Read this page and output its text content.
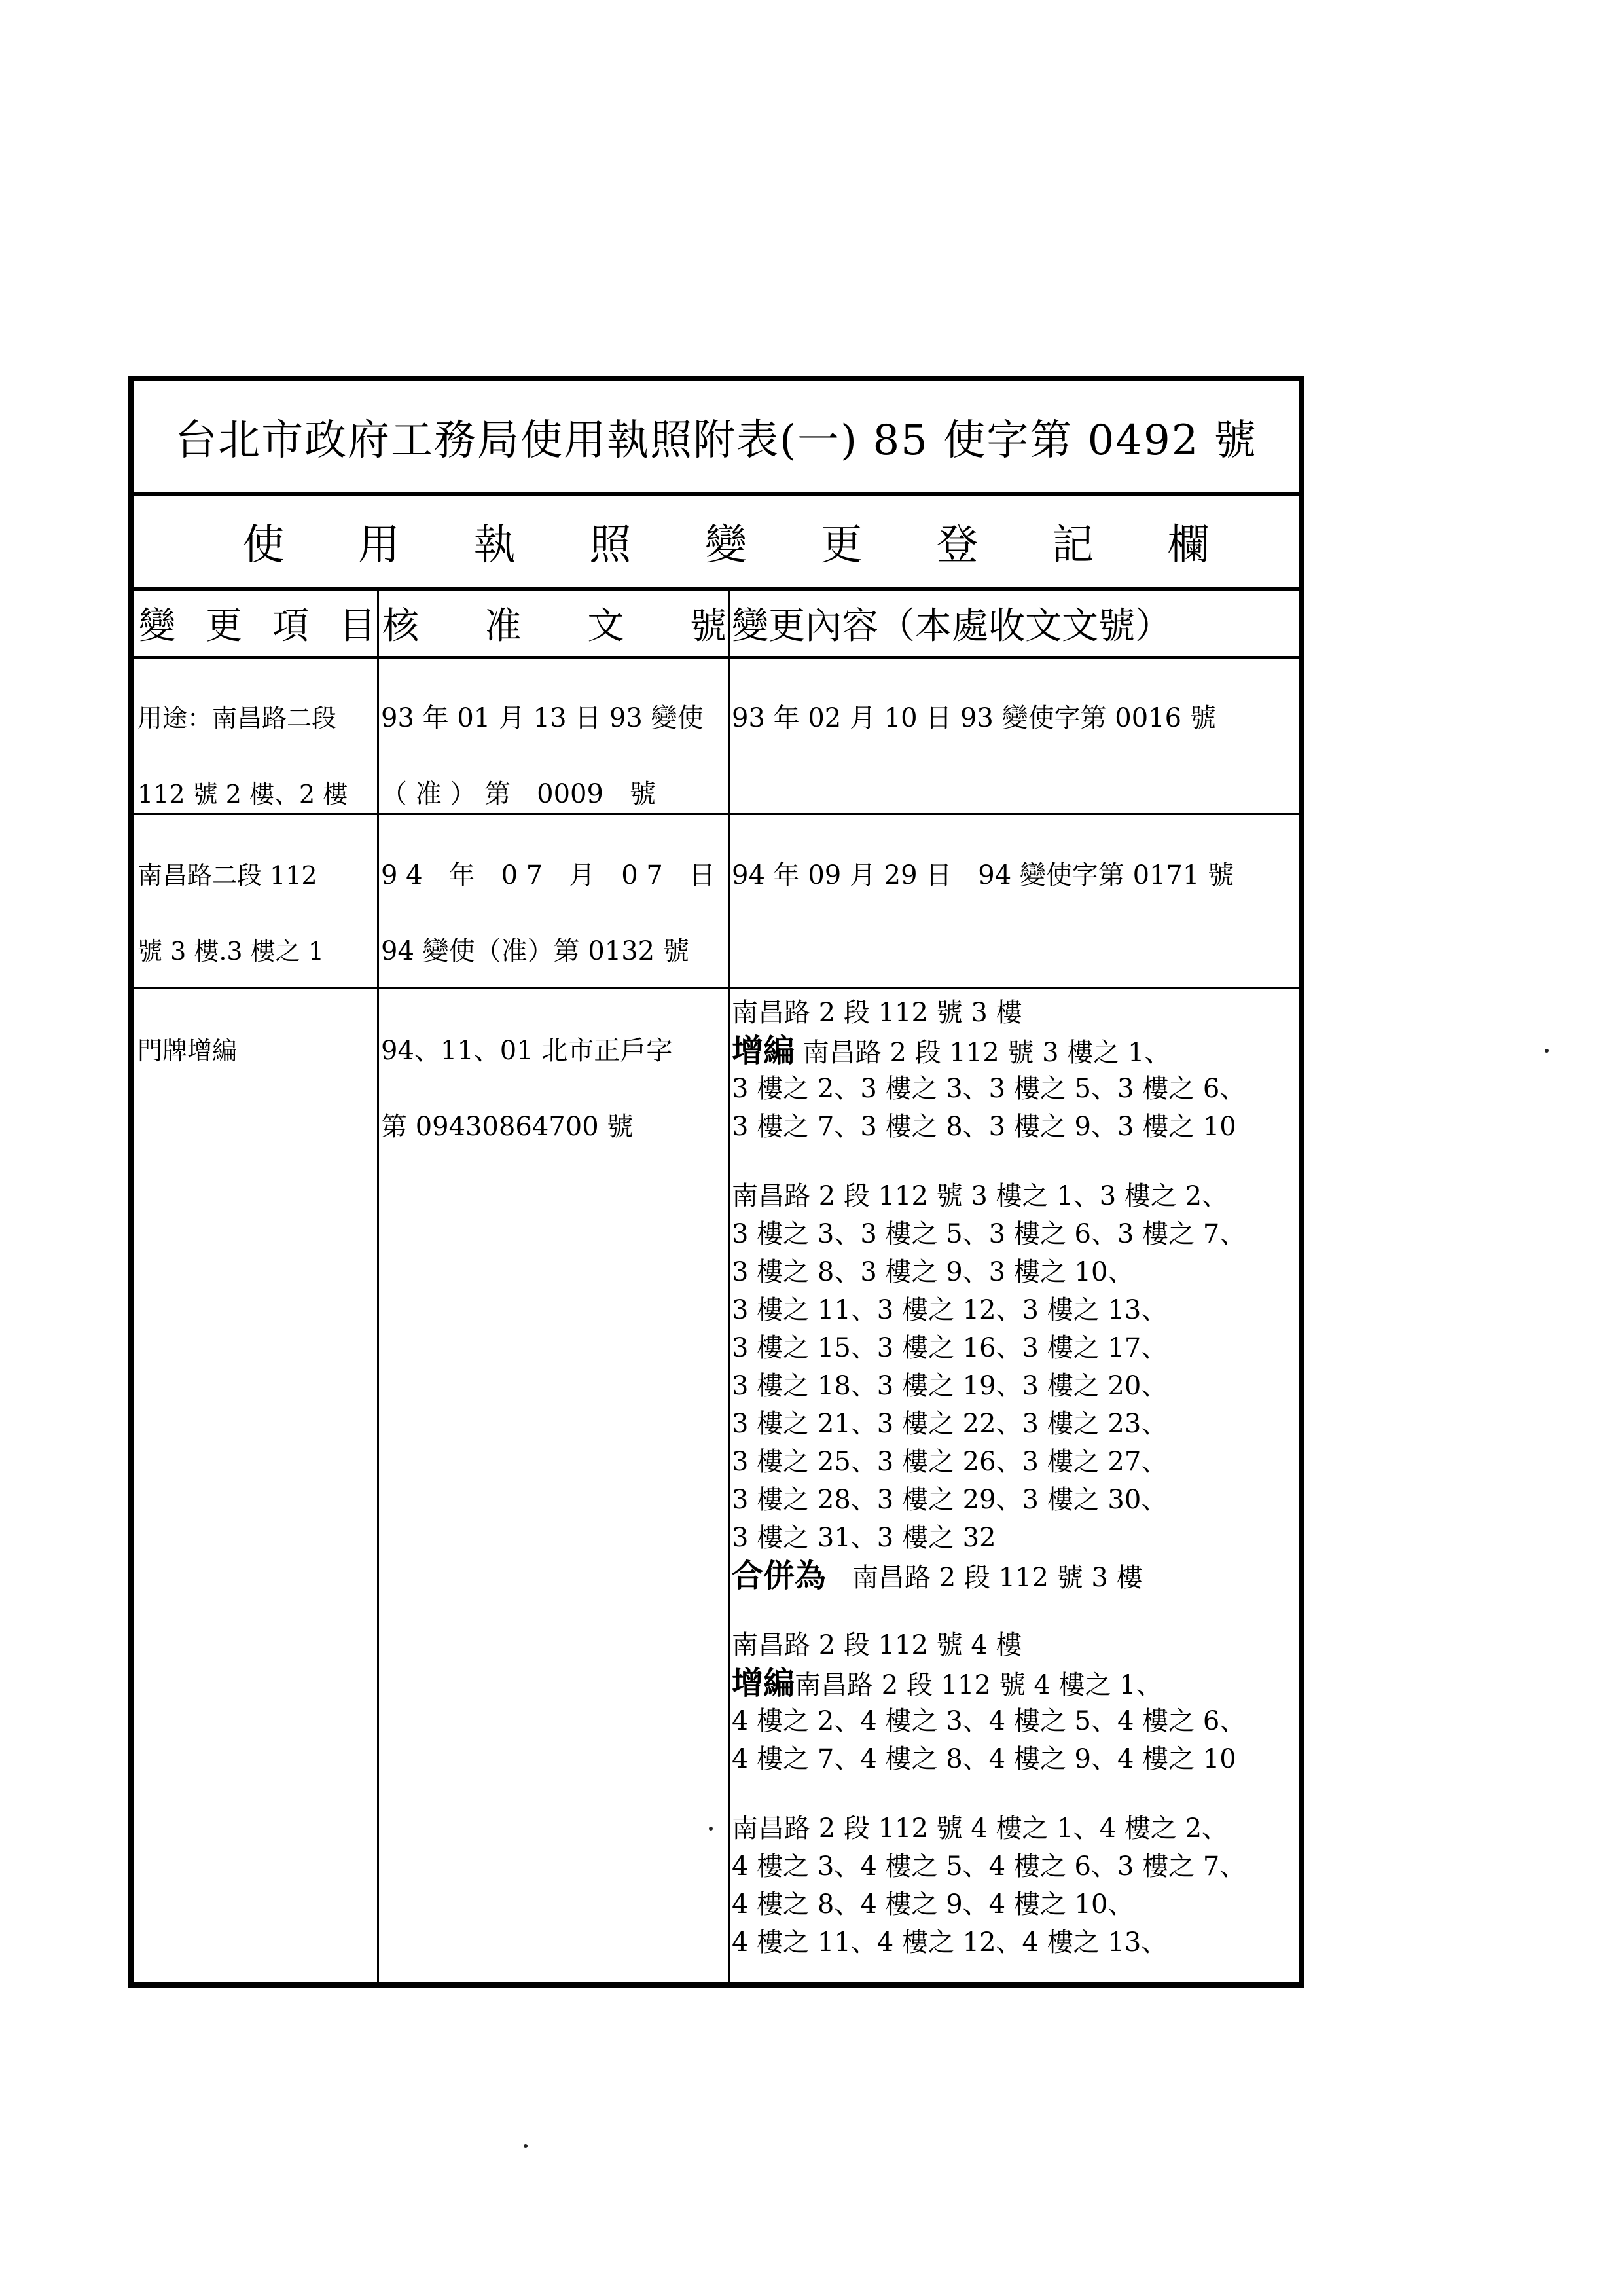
台北市政府工務局使用執照附表(一) 85 使字第 0492 號
使 用 執 照 變 更 登 記 欄
變 更 項 目 核 准 文 號 變更內容（本處收文文號）

用途：南昌路二段

112 號 2 樓、2 樓

93 年 01 月 13 日 93 變使

（ 准 ） 第　0009　號

93 年 02 月 10 日 93 變使字第 0016 號

南昌路二段 112

號 3 樓.3 樓之 1

9 4　年　0 7　月　0 7　日

94 變使（准）第 0132 號

94 年 09 月 29 日　94 變使字第 0171 號

門牌增編	94、11、01 北市正戶字

第 09430864700 號

南昌路 2 段 112 號 3 樓
增編 南昌路 2 段 112 號 3 樓之 1、
3 樓之 2、3 樓之 3、3 樓之 5、3 樓之 6、
3 樓之 7、3 樓之 8、3 樓之 9、3 樓之 10
南昌路 2 段 112 號 3 樓之 1、3 樓之 2、
3 樓之 3、3 樓之 5、3 樓之 6、3 樓之 7、
3 樓之 8、3 樓之 9、3 樓之 10、
3 樓之 11、3 樓之 12、3 樓之 13、
3 樓之 15、3 樓之 16、3 樓之 17、
3 樓之 18、3 樓之 19、3 樓之 20、
3 樓之 21、3 樓之 22、3 樓之 23、
3 樓之 25、3 樓之 26、3 樓之 27、
3 樓之 28、3 樓之 29、3 樓之 30、
3 樓之 31、3 樓之 32
合併為　南昌路 2 段 112 號 3 樓
南昌路 2 段 112 號 4 樓
增編南昌路 2 段 112 號 4 樓之 1、
4 樓之 2、4 樓之 3、4 樓之 5、4 樓之 6、
4 樓之 7、4 樓之 8、4 樓之 9、4 樓之 10
南昌路 2 段 112 號 4 樓之 1、4 樓之 2、
4 樓之 3、4 樓之 5、4 樓之 6、3 樓之 7、
4 樓之 8、4 樓之 9、4 樓之 10、
4 樓之 11、4 樓之 12、4 樓之 13、
